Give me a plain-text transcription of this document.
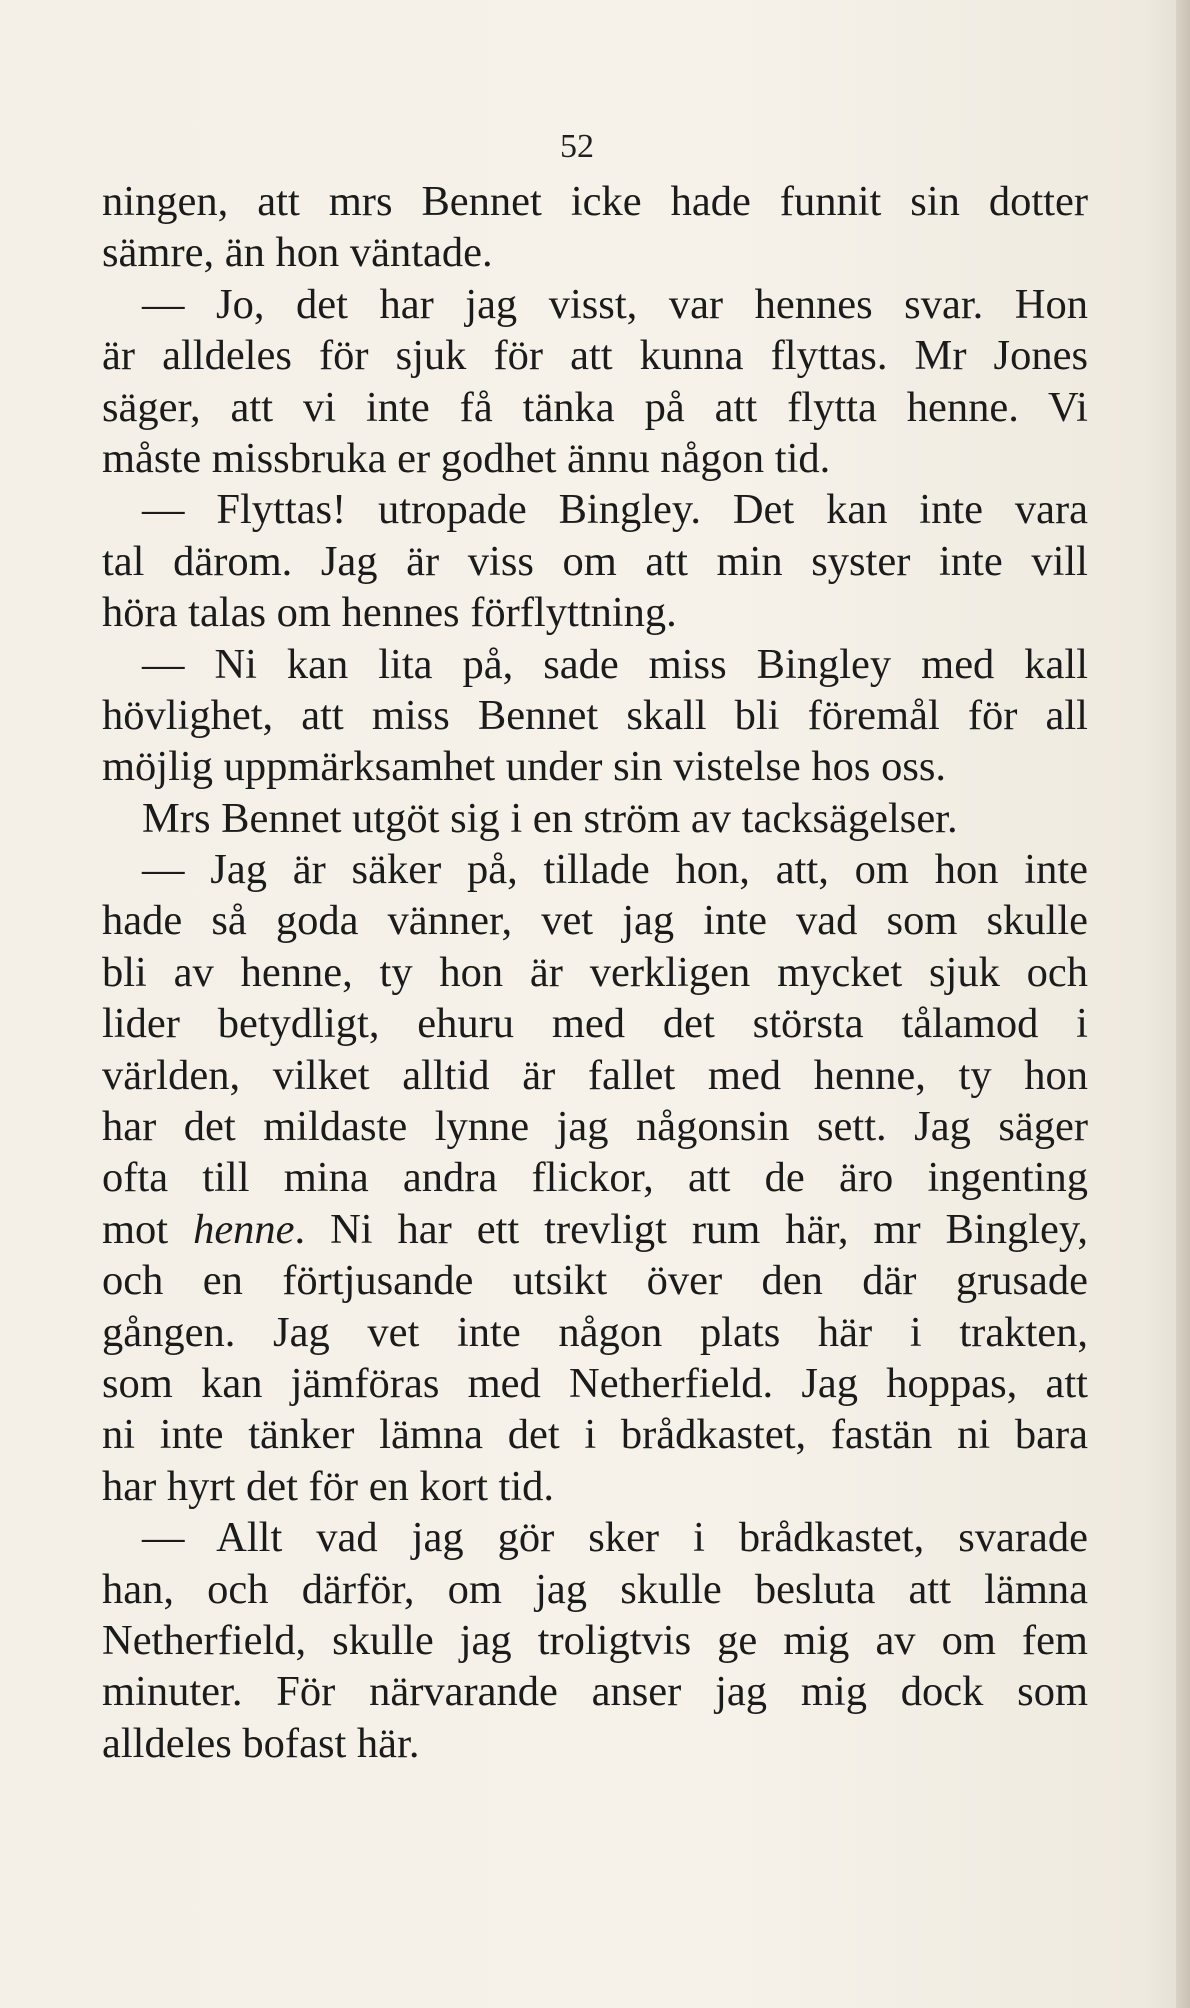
52
ningen, att mrs Bennet icke hade funnit sin dotter
sämre, än hon väntade.
— Jo, det har jag visst, var hennes svar. Hon
är alldeles för sjuk för att kunna flyttas. Mr Jones
säger, att vi inte få tänka på att flytta henne. Vi
måste missbruka er godhet ännu någon tid.
— Flyttas! utropade Bingley. Det kan inte vara
tal därom. Jag är viss om att min syster inte vill
höra talas om hennes förflyttning.
— Ni kan lita på, sade miss Bingley med kall
hövlighet, att miss Bennet skall bli föremål för all
möjlig uppmärksamhet under sin vistelse hos oss.
Mrs Bennet utgöt sig i en ström av tacksägelser.
— Jag är säker på, tillade hon, att, om hon inte
hade så goda vänner, vet jag inte vad som skulle
bli av henne, ty hon är verkligen mycket sjuk och
lider betydligt, ehuru med det största tålamod i
världen, vilket alltid är fallet med henne, ty hon
har det mildaste lynne jag någonsin sett. Jag säger
ofta till mina andra flickor, att de äro ingenting
mot henne. Ni har ett trevligt rum här, mr Bingley,
och en förtjusande utsikt över den där grusade
gången. Jag vet inte någon plats här i trakten,
som kan jämföras med Netherfield. Jag hoppas, att
ni inte tänker lämna det i brådkastet, fastän ni bara
har hyrt det för en kort tid.
— Allt vad jag gör sker i brådkastet, svarade
han, och därför, om jag skulle besluta att lämna
Netherfield, skulle jag troligtvis ge mig av om fem
minuter. För närvarande anser jag mig dock som
alldeles bofast här.
